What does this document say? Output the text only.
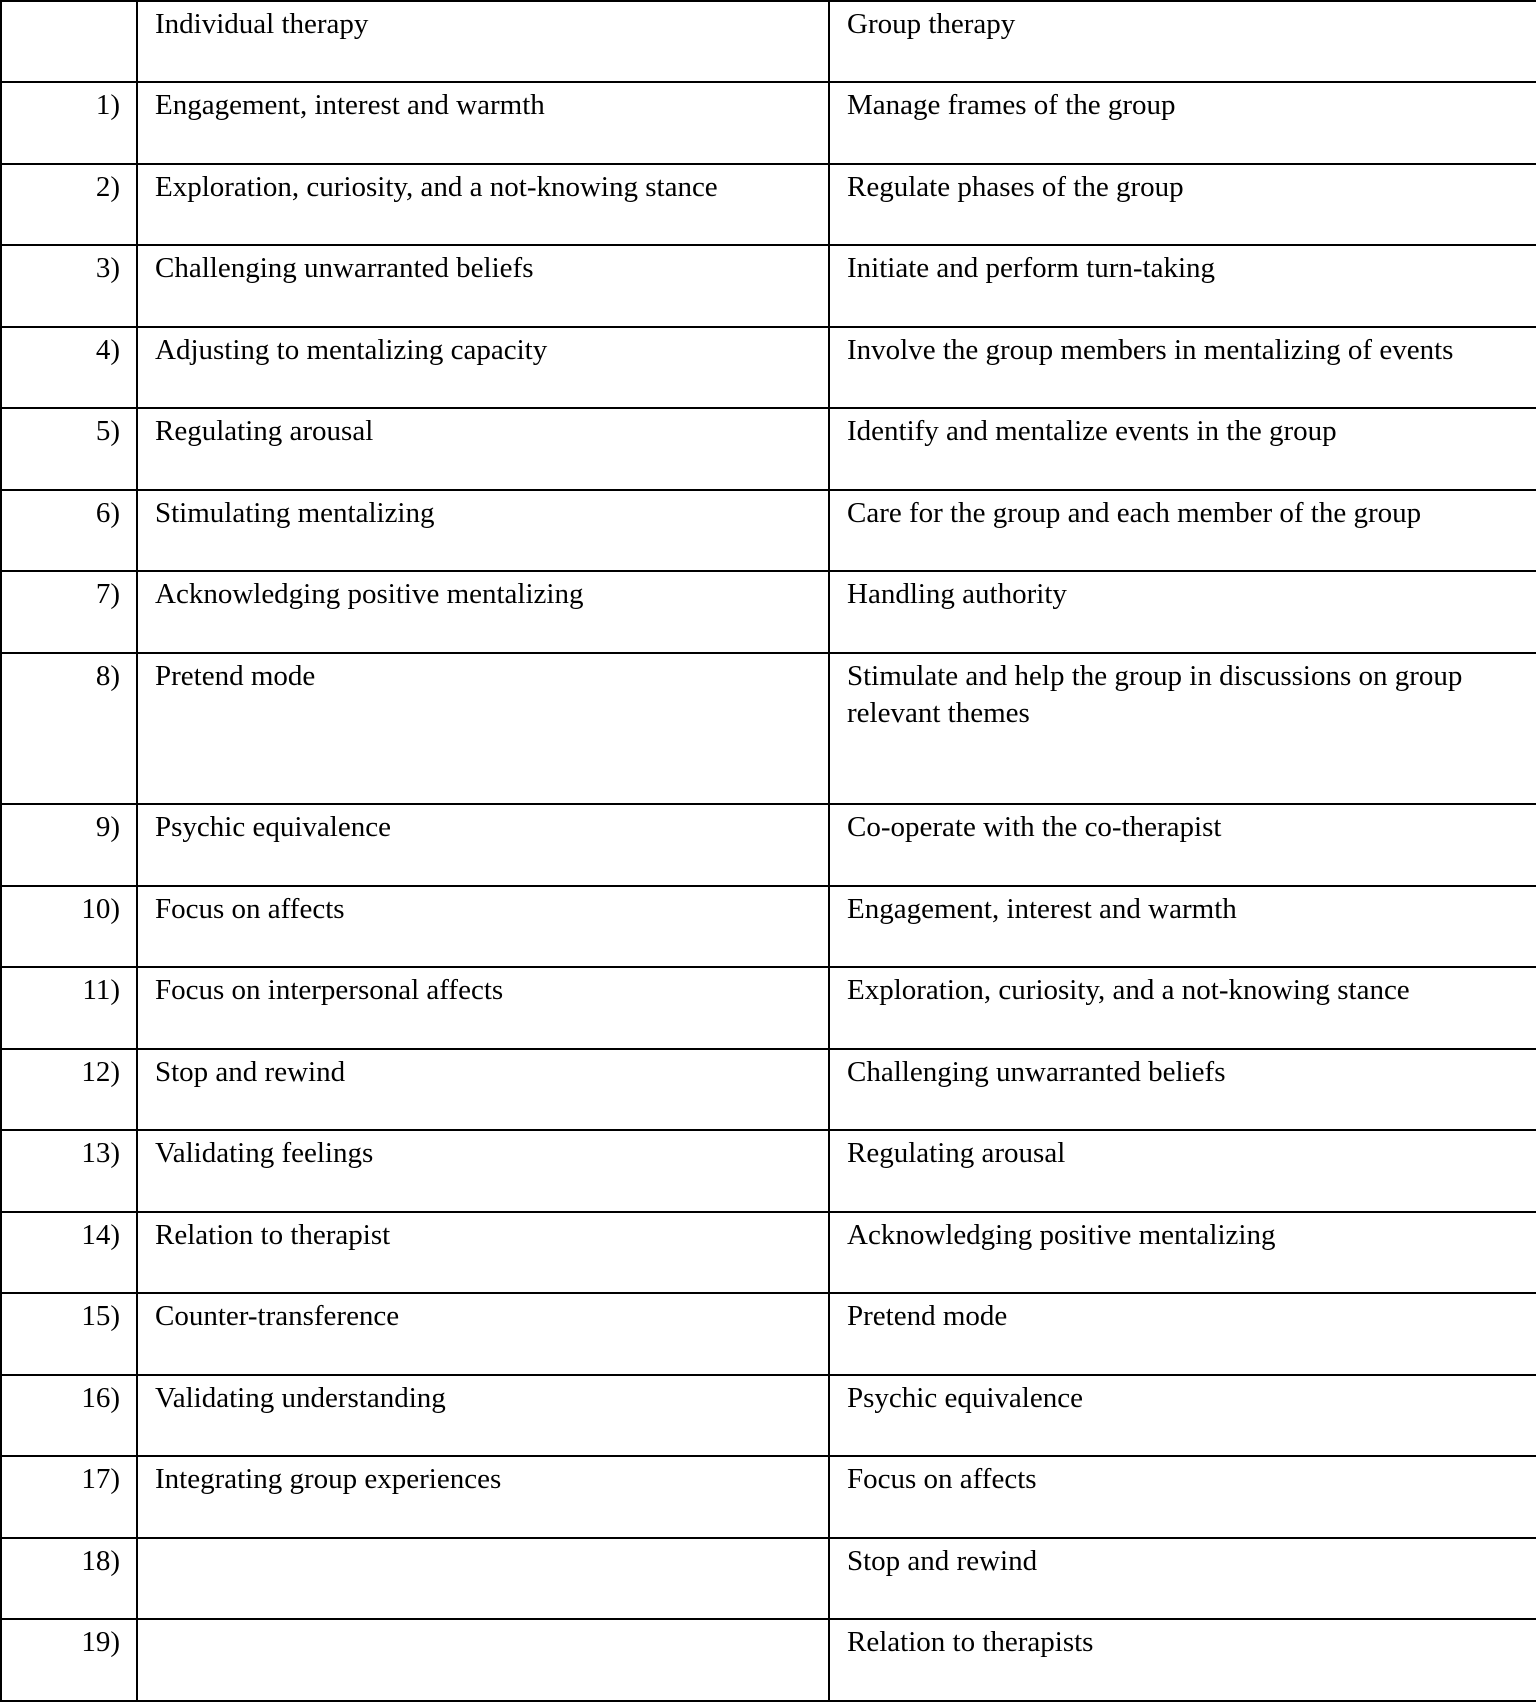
	Individual therapy	Group therapy
1)	Engagement, interest and warmth	Manage frames of the group
2)	Exploration, curiosity, and a not-knowing stance	Regulate phases of the group
3)	Challenging unwarranted beliefs	Initiate and perform turn-taking
4)	Adjusting to mentalizing capacity	Involve the group members in mentalizing of events
5)	Regulating arousal	Identify and mentalize events in the group
6)	Stimulating mentalizing	Care for the group and each member of the group
7)	Acknowledging positive mentalizing	Handling authority
8)	Pretend mode	Stimulate and help the group in discussions on group relevant themes
9)	Psychic equivalence	Co-operate with the co-therapist
10)	Focus on affects	Engagement, interest and warmth
11)	Focus on interpersonal affects	Exploration, curiosity, and a not-knowing stance
12)	Stop and rewind	Challenging unwarranted beliefs
13)	Validating feelings	Regulating arousal
14)	Relation to therapist	Acknowledging positive mentalizing
15)	Counter-transference	Pretend mode
16)	Validating understanding	Psychic equivalence
17)	Integrating group experiences	Focus on affects
18)		Stop and rewind
19)		Relation to therapists
